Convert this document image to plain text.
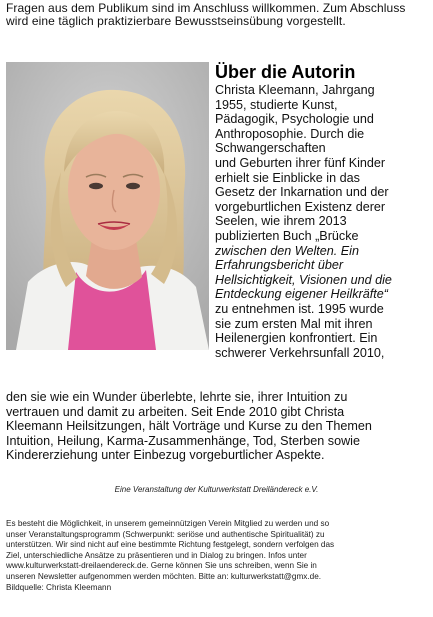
Fragen aus dem Publikum sind im Anschluss willkommen. Zum Abschluss wird eine täglich praktizierbare Bewusstseinsübung vorgestellt.
Über die Autorin
Christa Kleemann, Jahrgang
1955, studierte Kunst,
Pädagogik, Psychologie und
Anthroposophie. Durch die
Schwangerschaften
und Geburten ihrer fünf Kinder
erhielt sie Einblicke in das
Gesetz der Inkarnation und der
vorgeburtlichen Existenz derer
Seelen, wie ihrem 2013
publizierten Buch „Brücke
zwischen den Welten. Ein
Erfahrungsbericht über
Hellsichtigkeit, Visionen und die
Entdeckung eigener Heilkräfte“
zu entnehmen ist. 1995 wurde
sie zum ersten Mal mit ihren
Heilenergien konfrontiert. Ein
schwerer Verkehrsunfall 2010,
den sie wie ein Wunder überlebte, lehrte sie, ihrer Intuition zu
vertrauen und damit zu arbeiten. Seit Ende 2010 gibt Christa
Kleemann Heilsitzungen, hält Vorträge und Kurse zu den Themen
Intuition, Heilung, Karma-Zusammenhänge, Tod, Sterben sowie
Kindererziehung unter Einbezug vorgeburtlicher Aspekte.
Eine Veranstaltung der Kulturwerkstatt Dreiländereck e.V.
Es besteht die Möglichkeit, in unserem gemeinnützigen Verein Mitglied zu werden und so
unser Veranstaltungsprogramm (Schwerpunkt: seriöse und authentische Spiritualität) zu
unterstützen. Wir sind nicht auf eine bestimmte Richtung festgelegt, sondern verfolgen das
Ziel, unterschiedliche Ansätze zu präsentieren und in Dialog zu bringen. Infos unter
www.kulturwerkstatt-dreilaendereck.de. Gerne können Sie uns schreiben, wenn Sie in
unseren Newsletter aufgenommen werden möchten. Bitte an: kulturwerkstatt@gmx.de.
Bildquelle: Christa Kleemann
